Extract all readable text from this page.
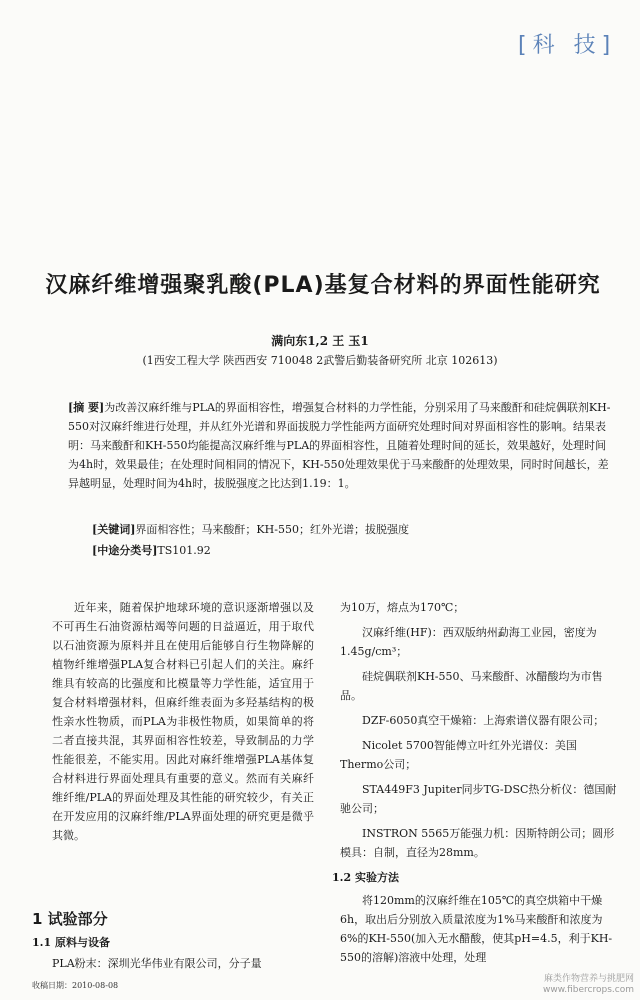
[科 技]
汉麻纤维增强聚乳酸(PLA)基复合材料的界面性能研究
满向东1,2 王 玉1
(1西安工程大学 陕西西安 710048 2武警后勤装备研究所 北京 102613)

[摘 要]为改善汉麻纤维与PLA的界面相容性，增强复合材料的力学性能，分别采用了马来酸酐和硅烷偶联剂KH-550对汉麻纤维进行处理，并从红外光谱和界面拔脱力学性能两方面研究处理时间对界面相容性的影响。结果表明：马来酸酐和KH-550均能提高汉麻纤维与PLA的界面相容性，且随着处理时间的延长，效果越好，处理时间为4h时，效果最佳；在处理时间相同的情况下，KH-550处理效果优于马来酸酐的处理效果，同时时间越长，差异越明显，处理时间为4h时，拔脱强度之比达到1.19：1。

[关键词]界面相容性；马来酸酐；KH-550；红外光谱；拔脱强度
[中途分类号]TS101.92

近年来，随着保护地球环境的意识逐渐增强以及不可再生石油资源枯竭等问题的日益逼近，用于取代以石油资源为原料并且在使用后能够自行生物降解的植物纤维增强PLA复合材料已引起人们的关注。麻纤维具有较高的比强度和比模量等力学性能，适宜用于复合材料增强材料，但麻纤维表面为多羟基结构的极性亲水性物质，而PLA为非极性物质，如果简单的将二者直接共混，其界面相容性较差，导致制品的力学性能很差，不能实用。因此对麻纤维增强PLA基体复合材料进行界面处理具有重要的意义。然而有关麻纤维纤维/PLA的界面处理及其性能的研究较少，有关正在开发应用的汉麻纤维/PLA界面处理的研究更是微乎其微。

1 试验部分
1.1 原料与设备
PLA粉末：深圳光华伟业有限公司，分子量
收稿日期：2010-08-08

为10万，熔点为170℃；

汉麻纤维(HF)：西双版纳州勐海工业园，密度为1.45g/cm³；

硅烷偶联剂KH-550、马来酸酐、冰醋酸均为市售品。

DZF-6050真空干燥箱：上海索谱仪器有限公司；

Nicolet 5700智能傅立叶红外光谱仪：美国Thermo公司；

STA449F3 Jupiter同步TG-DSC热分析仪：德国耐驰公司；

INSTRON 5565万能强力机：因斯特朗公司；圆形模具：自制，直径为28mm。

1.2 实验方法

将120mm的汉麻纤维在105℃的真空烘箱中干燥6h，取出后分别放入质量浓度为1%马来酸酐和浓度为6%的KH-550(加入无水醋酸，使其pH=4.5，利于KH-550的溶解)溶液中处理，处理

麻类作物营养与挑肥网
www.fibercrops.com
